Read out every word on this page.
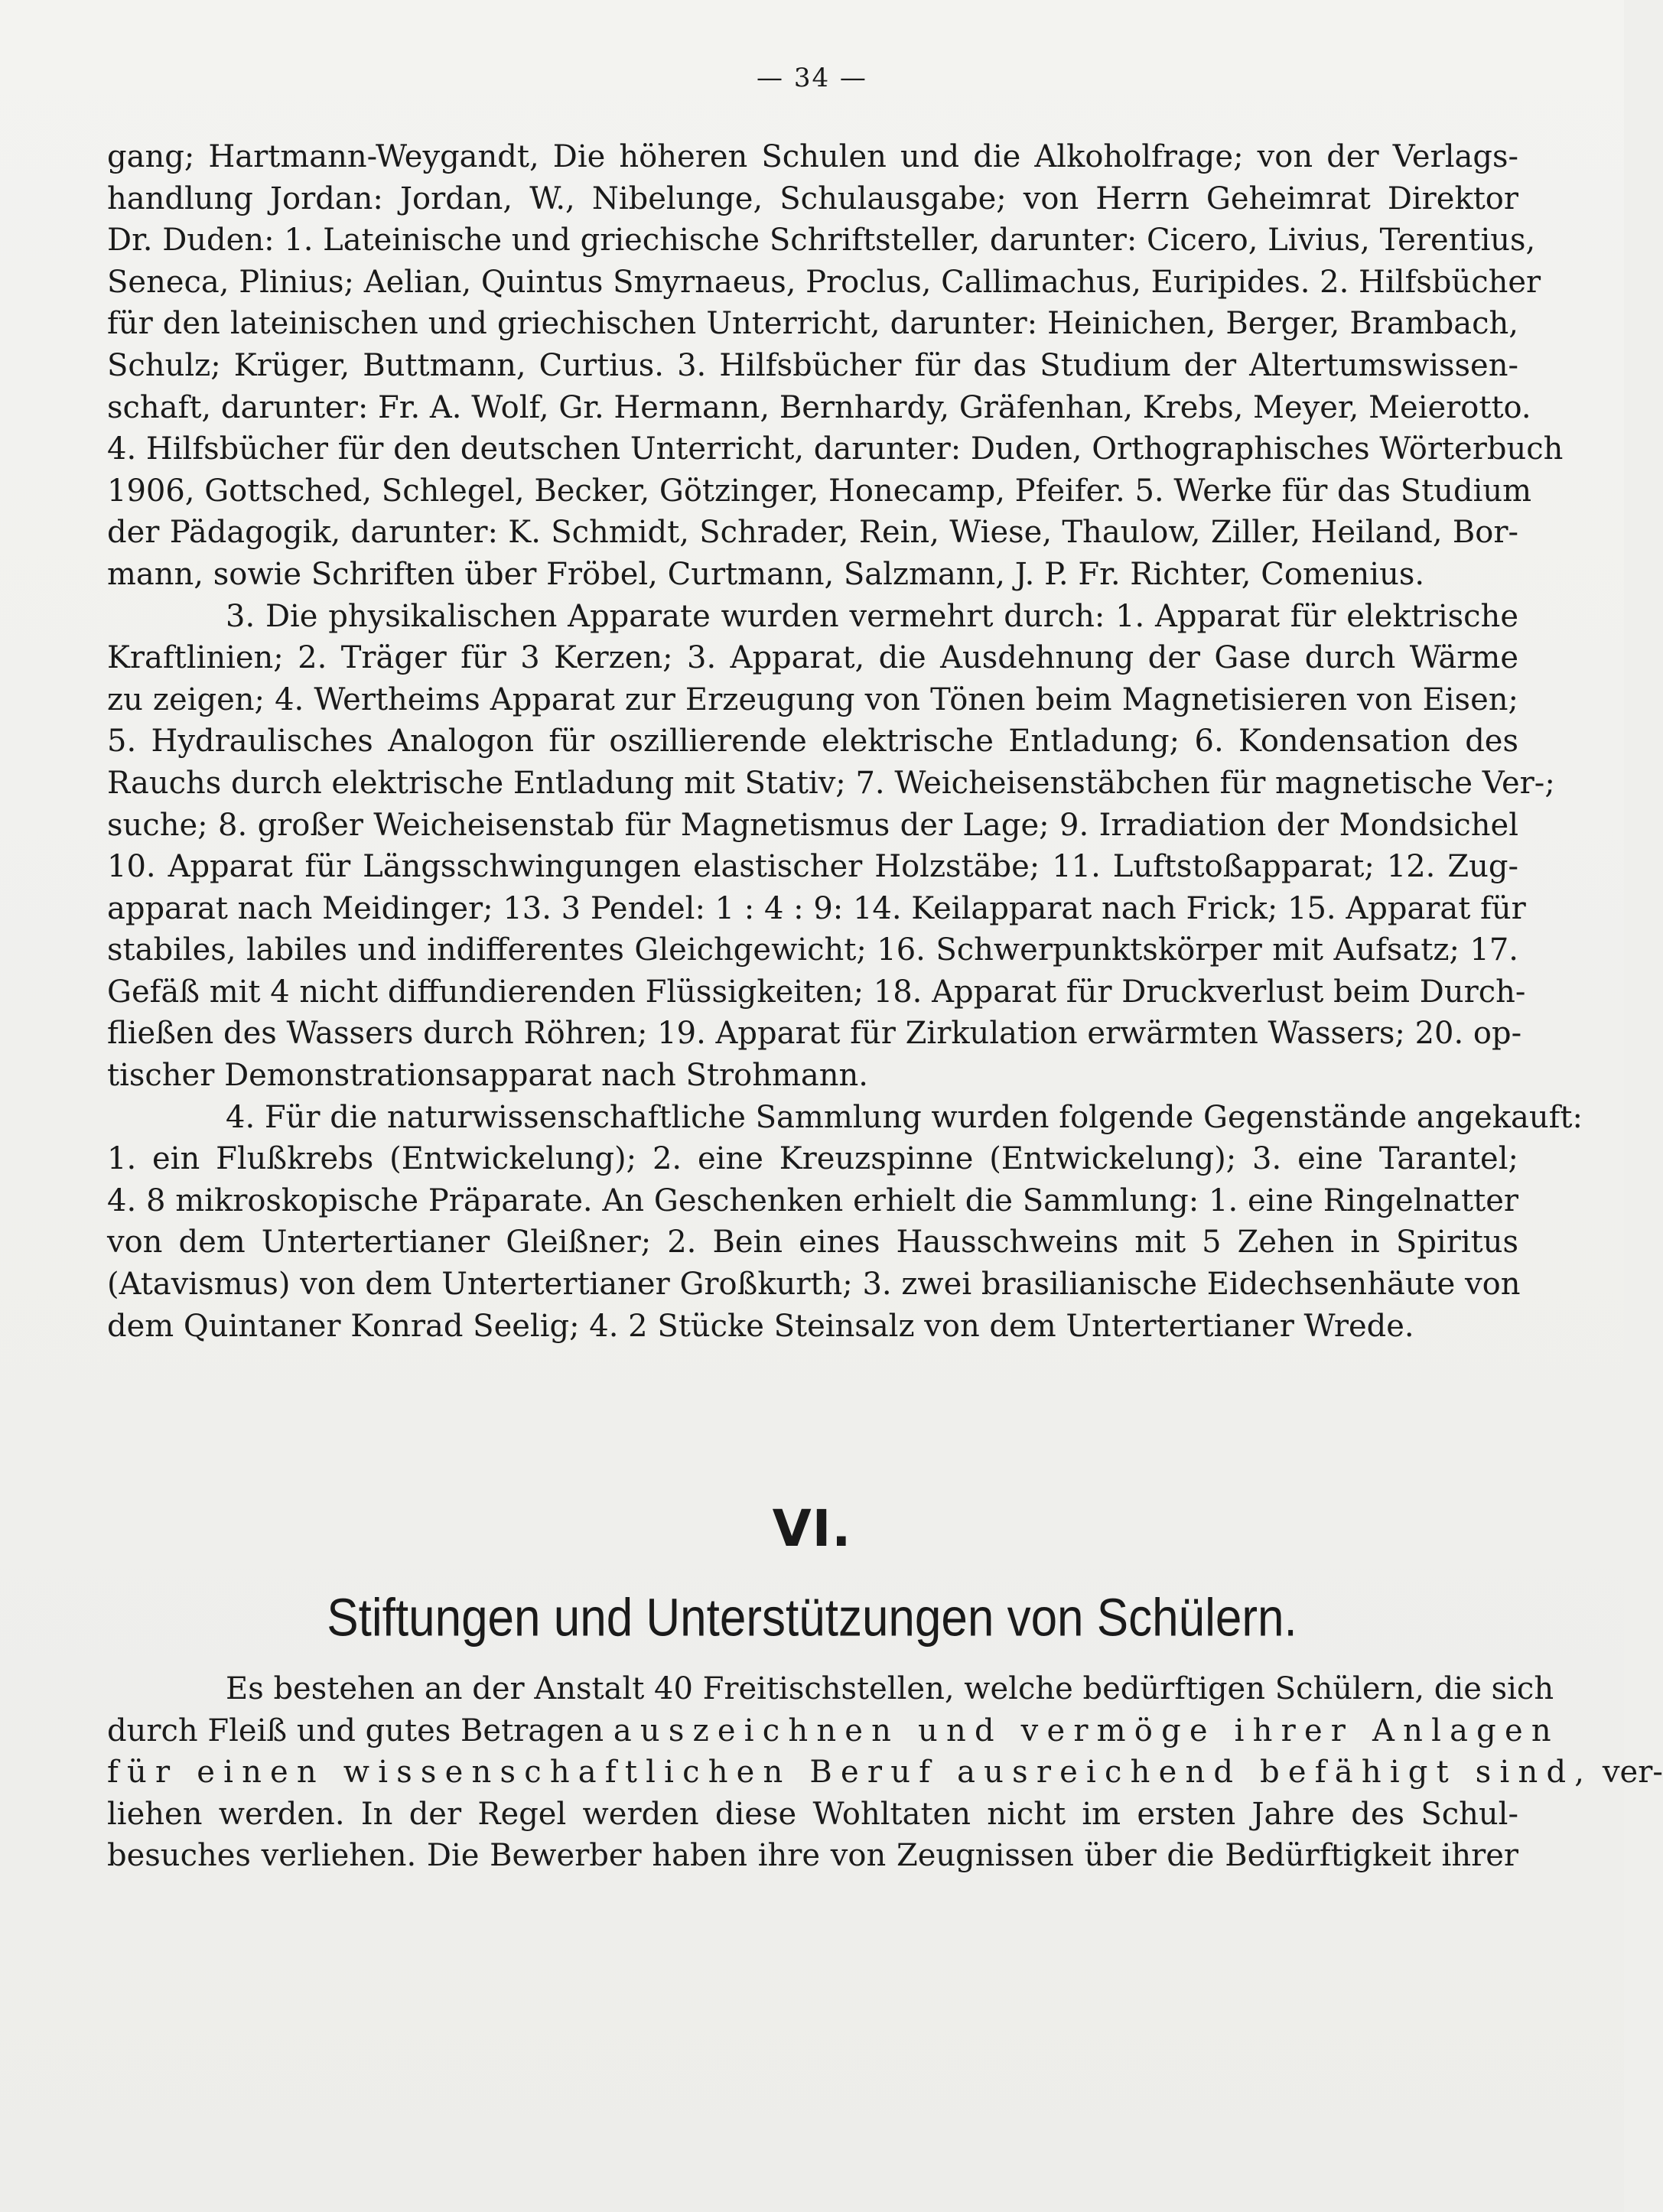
— 34 —
gang; Hartmann-Weygandt, Die höheren Schulen und die Alkoholfrage; von der Verlags-
handlung Jordan: Jordan, W., Nibelunge, Schulausgabe; von Herrn Geheimrat Direktor
Dr. Duden: 1. Lateinische und griechische Schriftsteller, darunter: Cicero, Livius, Terentius,
Seneca, Plinius; Aelian, Quintus Smyrnaeus, Proclus, Callimachus, Euripides. 2. Hilfsbücher
für den lateinischen und griechischen Unterricht, darunter: Heinichen, Berger, Brambach,
Schulz; Krüger, Buttmann, Curtius. 3. Hilfsbücher für das Studium der Altertumswissen-
schaft, darunter: Fr. A. Wolf, Gr. Hermann, Bernhardy, Gräfenhan, Krebs, Meyer, Meierotto.
4. Hilfsbücher für den deutschen Unterricht, darunter: Duden, Orthographisches Wörterbuch
1906, Gottsched, Schlegel, Becker, Götzinger, Honecamp, Pfeifer. 5. Werke für das Studium
der Pädagogik, darunter: K. Schmidt, Schrader, Rein, Wiese, Thaulow, Ziller, Heiland, Bor-
mann, sowie Schriften über Fröbel, Curtmann, Salzmann, J. P. Fr. Richter, Comenius.
3. Die physikalischen Apparate wurden vermehrt durch: 1. Apparat für elektrische
Kraftlinien; 2. Träger für 3 Kerzen; 3. Apparat, die Ausdehnung der Gase durch Wärme
zu zeigen; 4. Wertheims Apparat zur Erzeugung von Tönen beim Magnetisieren von Eisen;
5. Hydraulisches Analogon für oszillierende elektrische Entladung; 6. Kondensation des
Rauchs durch elektrische Entladung mit Stativ; 7. Weicheisenstäbchen für magnetische Ver-;
suche; 8. großer Weicheisenstab für Magnetismus der Lage; 9. Irradiation der Mondsichel
10. Apparat für Längsschwingungen elastischer Holzstäbe; 11. Luftstoßapparat; 12. Zug-
apparat nach Meidinger; 13. 3 Pendel: 1 : 4 : 9: 14. Keilapparat nach Frick; 15. Apparat für
stabiles, labiles und indifferentes Gleichgewicht; 16. Schwerpunktskörper mit Aufsatz; 17.
Gefäß mit 4 nicht diffundierenden Flüssigkeiten; 18. Apparat für Druckverlust beim Durch-
fließen des Wassers durch Röhren; 19. Apparat für Zirkulation erwärmten Wassers; 20. op-
tischer Demonstrationsapparat nach Strohmann.
4. Für die naturwissenschaftliche Sammlung wurden folgende Gegenstände angekauft:
1. ein Flußkrebs (Entwickelung); 2. eine Kreuzspinne (Entwickelung); 3. eine Tarantel;
4. 8 mikroskopische Präparate. An Geschenken erhielt die Sammlung: 1. eine Ringelnatter
von dem Untertertianer Gleißner; 2. Bein eines Hausschweins mit 5 Zehen in Spiritus
(Atavismus) von dem Untertertianer Großkurth; 3. zwei brasilianische Eidechsenhäute von
dem Quintaner Konrad Seelig; 4. 2 Stücke Steinsalz von dem Untertertianer Wrede.
VI.
Stiftungen und Unterstützungen von Schülern.
Es bestehen an der Anstalt 40 Freitischstellen, welche bedürftigen Schülern, die sich
durch Fleiß und gutes Betragen auszeichnen und vermöge ihrer Anlagen
für einen wissenschaftlichen Beruf ausreichend befähigt sind, ver-
liehen werden. In der Regel werden diese Wohltaten nicht im ersten Jahre des Schul-
besuches verliehen. Die Bewerber haben ihre von Zeugnissen über die Bedürftigkeit ihrer
